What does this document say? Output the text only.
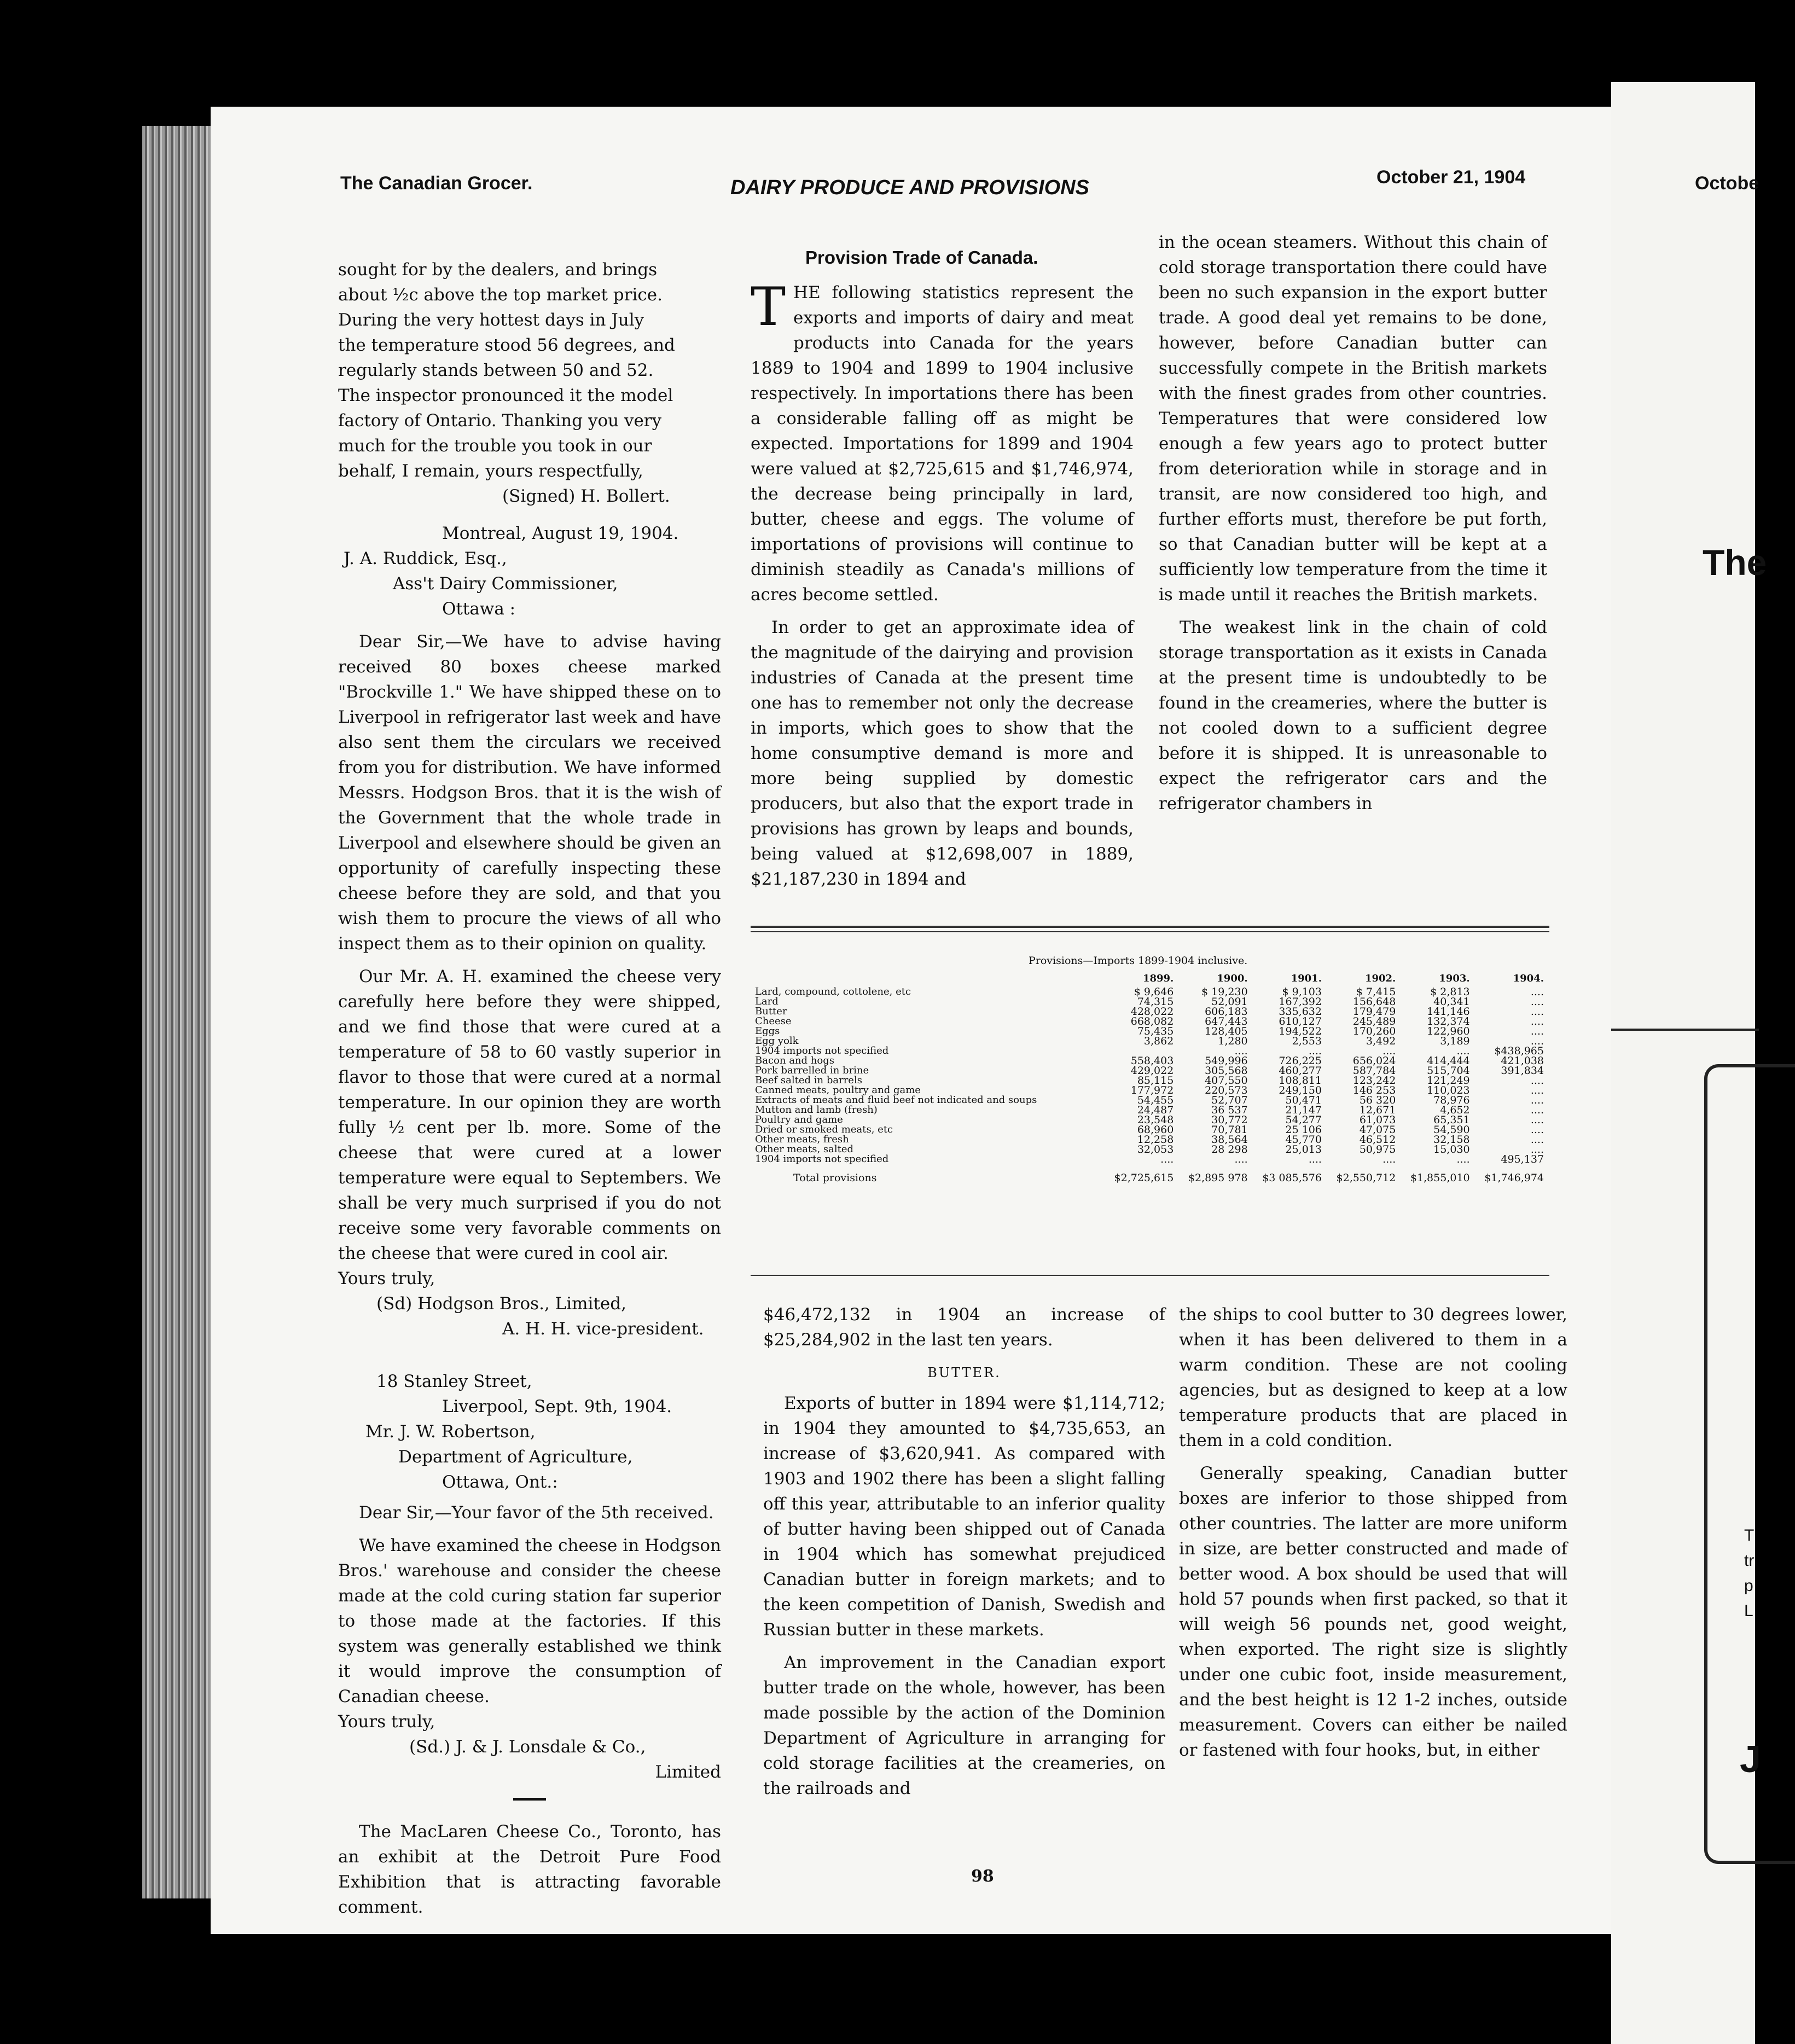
Octobe
The
T
tr
p
L
J
The Canadian Grocer.	DAIRY PRODUCE AND PROVISIONS	October 21, 1904
sought for by the dealers, and brings
about ½c above the top market price.
During the very hottest days in July
the temperature stood 56 degrees, and
regularly stands between 50 and 52.
The inspector pronounced it the model
factory of Ontario. Thanking you very
much for the trouble you took in our
behalf, I remain, yours respectfully,
(Signed) H. Bollert.
Montreal, August 19, 1904.
J. A. Ruddick, Esq.,
Ass't Dairy Commissioner,
Ottawa :

Dear Sir,—We have to advise having received 80 boxes cheese marked "Brockville 1." We have shipped these on to Liverpool in refrigerator last week and have also sent them the circulars we received from you for distribution. We have informed Messrs. Hodgson Bros. that it is the wish of the Government that the whole trade in Liverpool and elsewhere should be given an opportunity of carefully inspecting these cheese before they are sold, and that you wish them to procure the views of all who inspect them as to their opinion on quality.

Our Mr. A. H. examined the cheese very carefully here before they were shipped, and we find those that were cured at a temperature of 58 to 60 vastly superior in flavor to those that were cured at a normal temperature. In our opinion they are worth fully ½ cent per lb. more. Some of the cheese that were cured at a lower temperature were equal to Septembers. We shall be very much surprised if you do not receive some very favorable comments on the cheese that were cured in cool air.

Yours truly,
(Sd) Hodgson Bros., Limited,
A. H. H. vice-president.
18 Stanley Street,
Liverpool, Sept. 9th, 1904.
Mr. J. W. Robertson,
Department of Agriculture,
Ottawa, Ont.:

Dear Sir,—Your favor of the 5th received.

We have examined the cheese in Hodgson Bros.' warehouse and consider the cheese made at the cold curing station far superior to those made at the factories. If this system was generally established we think it would improve the consumption of Canadian cheese.

Yours truly,
(Sd.) J. & J. Lonsdale & Co.,
Limited

The MacLaren Cheese Co., Toronto, has an exhibit at the Detroit Pure Food Exhibition that is attracting favorable comment.

Provision Trade of Canada.

THE following statistics represent the exports and imports of dairy and meat products into Canada for the years 1889 to 1904 and 1899 to 1904 inclusive respectively. In importations there has been a considerable falling off as might be expected. Importations for 1899 and 1904 were valued at $2,725,615 and $1,746,974, the decrease being principally in lard, butter, cheese and eggs. The volume of importations of provisions will continue to diminish steadily as Canada's millions of acres become settled.

In order to get an approximate idea of the magnitude of the dairying and provision industries of Canada at the present time one has to remember not only the decrease in imports, which goes to show that the home consumptive demand is more and more being supplied by domestic producers, but also that the export trade in provisions has grown by leaps and bounds, being valued at $12,698,007 in 1889, $21,187,230 in 1894 and

in the ocean steamers. Without this chain of cold storage transportation there could have been no such expansion in the export butter trade. A good deal yet remains to be done, however, before Canadian butter can successfully compete in the British markets with the finest grades from other countries. Temperatures that were considered low enough a few years ago to protect butter from deterioration while in storage and in transit, are now considered too high, and further efforts must, therefore be put forth, so that Canadian butter will be kept at a sufficiently low temperature from the time it is made until it reaches the British markets.

The weakest link in the chain of cold storage transportation as it exists in Canada at the present time is undoubtedly to be found in the creameries, where the butter is not cooled down to a sufficient degree before it is shipped. It is unreasonable to expect the refrigerator cars and the refrigerator chambers in

Provisions—Imports 1899-1904 inclusive.
	1899.	1900.	1901.	1902.	1903.	1904.
Lard, compound, cottolene, etc	$ 9,646	$ 19,230	$ 9,103	$ 7,415	$ 2,813	....
Lard	74,315	52,091	167,392	156,648	40,341	....
Butter	428,022	606,183	335,632	179,479	141,146	....
Cheese	668,082	647,443	610,127	245,489	132,374	....
Eggs	75,435	128,405	194,522	170,260	122,960	....
Egg yolk	3,862	1,280	2,553	3,492	3,189	....
1904 imports not specified		....	....	....	....	$438,965
Bacon and hogs	558,403	549,996	726,225	656,024	414,444	421,038
Pork barrelled in brine	429,022	305,568	460,277	587,784	515,704	391,834
Beef salted in barrels	85,115	407,550	108,811	123,242	121,249	....
Canned meats, poultry and game	177,972	220,573	249,150	146 253	110,023	....
Extracts of meats and fluid beef not indicated and soups	54,455	52,707	50,471	56 320	78,976	....
Mutton and lamb (fresh)	24,487	36 537	21,147	12,671	4,652	....
Poultry and game	23,548	30,772	54,277	61,073	65,351	....
Dried or smoked meats, etc	68,960	70,781	25 106	47,075	54,590	....
Other meats, fresh	12,258	38,564	45,770	46,512	32,158	....
Other meats, salted	32,053	28 298	25,013	50,975	15,030	....
1904 imports not specified	....	....	....	....	....	495,137
Total provisions	$2,725,615	$2,895 978	$3 085,576	$2,550,712	$1,855,010	$1,746,974

$46,472,132 in 1904 an increase of $25,284,902 in the last ten years.

BUTTER.

Exports of butter in 1894 were $1,114,712; in 1904 they amounted to $4,735,653, an increase of $3,620,941. As compared with 1903 and 1902 there has been a slight falling off this year, attributable to an inferior quality of butter having been shipped out of Canada in 1904 which has somewhat prejudiced Canadian butter in foreign markets; and to the keen competition of Danish, Swedish and Russian butter in these markets.

An improvement in the Canadian export butter trade on the whole, however, has been made possible by the action of the Dominion Department of Agriculture in arranging for cold storage facilities at the creameries, on the railroads and

the ships to cool butter to 30 degrees lower, when it has been delivered to them in a warm condition. These are not cooling agencies, but as designed to keep at a low temperature products that are placed in them in a cold condition.

Generally speaking, Canadian butter boxes are inferior to those shipped from other countries. The latter are more uniform in size, are better constructed and made of better wood. A box should be used that will hold 57 pounds when first packed, so that it will weigh 56 pounds net, good weight, when exported. The right size is slightly under one cubic foot, inside measurement, and the best height is 12 1-2 inches, outside measurement. Covers can either be nailed or fastened with four hooks, but, in either

98
